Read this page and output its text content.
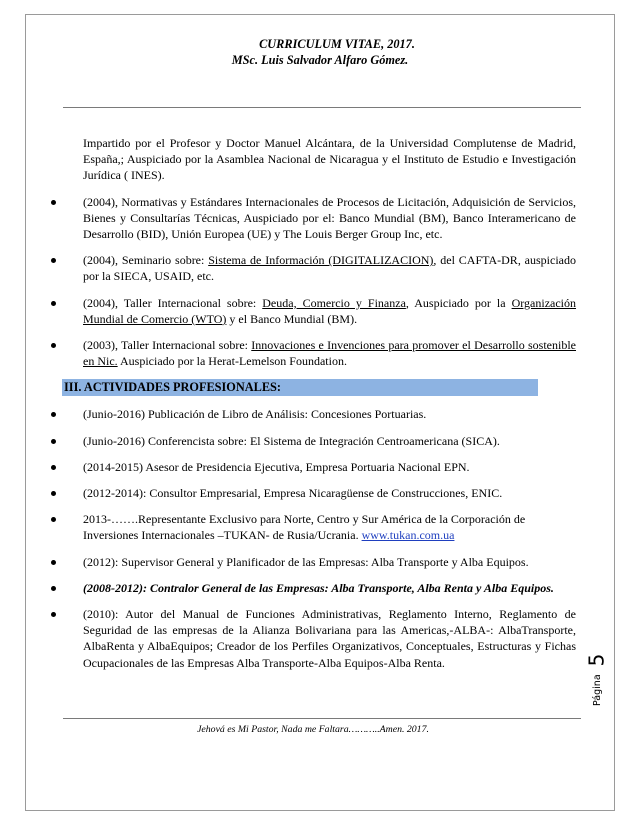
CURRICULUM VITAE, 2017.
MSc. Luis Salvador Alfaro Gómez.
Impartido por el Profesor y Doctor Manuel Alcántara, de la Universidad Complutense de Madrid, España,; Auspiciado por la Asamblea Nacional de Nicaragua y el Instituto de Estudio e Investigación Jurídica ( INES).
(2004), Normativas y Estándares Internacionales de Procesos de Licitación, Adquisición de Servicios, Bienes y Consultarías Técnicas, Auspiciado por el: Banco Mundial (BM), Banco Interamericano de Desarrollo (BID), Unión Europea (UE) y The Louis Berger Group Inc, etc.
(2004), Seminario sobre: Sistema de Información (DIGITALIZACION), del CAFTA-DR, auspiciado por la SIECA, USAID, etc.
(2004), Taller Internacional sobre: Deuda, Comercio y Finanza, Auspiciado por la Organización Mundial de Comercio (WTO) y el Banco Mundial (BM).
(2003), Taller Internacional sobre: Innovaciones e Invenciones para promover el Desarrollo sostenible en Nic. Auspiciado por la Herat-Lemelson Foundation.
III. ACTIVIDADES PROFESIONALES:
(Junio-2016) Publicación de Libro de Análisis: Concesiones Portuarias.
(Junio-2016) Conferencista sobre: El Sistema de Integración Centroamericana (SICA).
(2014-2015) Asesor de Presidencia Ejecutiva, Empresa Portuaria Nacional EPN.
(2012-2014): Consultor Empresarial, Empresa Nicaragüense de Construcciones, ENIC.
2013-…….Representante Exclusivo para Norte, Centro y Sur América de la Corporación de Inversiones Internacionales –TUKAN- de Rusia/Ucrania. www.tukan.com.ua
(2012): Supervisor General y Planificador de las Empresas: Alba Transporte y Alba Equipos.
(2008-2012): Contralor General de las Empresas: Alba Transporte, Alba Renta y Alba Equipos.
(2010): Autor del Manual de Funciones Administrativas, Reglamento Interno, Reglamento de Seguridad de las empresas de la Alianza Bolivariana para las Americas,-ALBA-: AlbaTransporte, AlbaRenta y AlbaEquipos; Creador de los Perfiles Organizativos, Conceptuales, Estructuras y Fichas Ocupacionales de las Empresas Alba Transporte-Alba Equipos-Alba Renta.
Página
5
Jehová es Mi Pastor, Nada me Faltara………..Amen. 2017.
